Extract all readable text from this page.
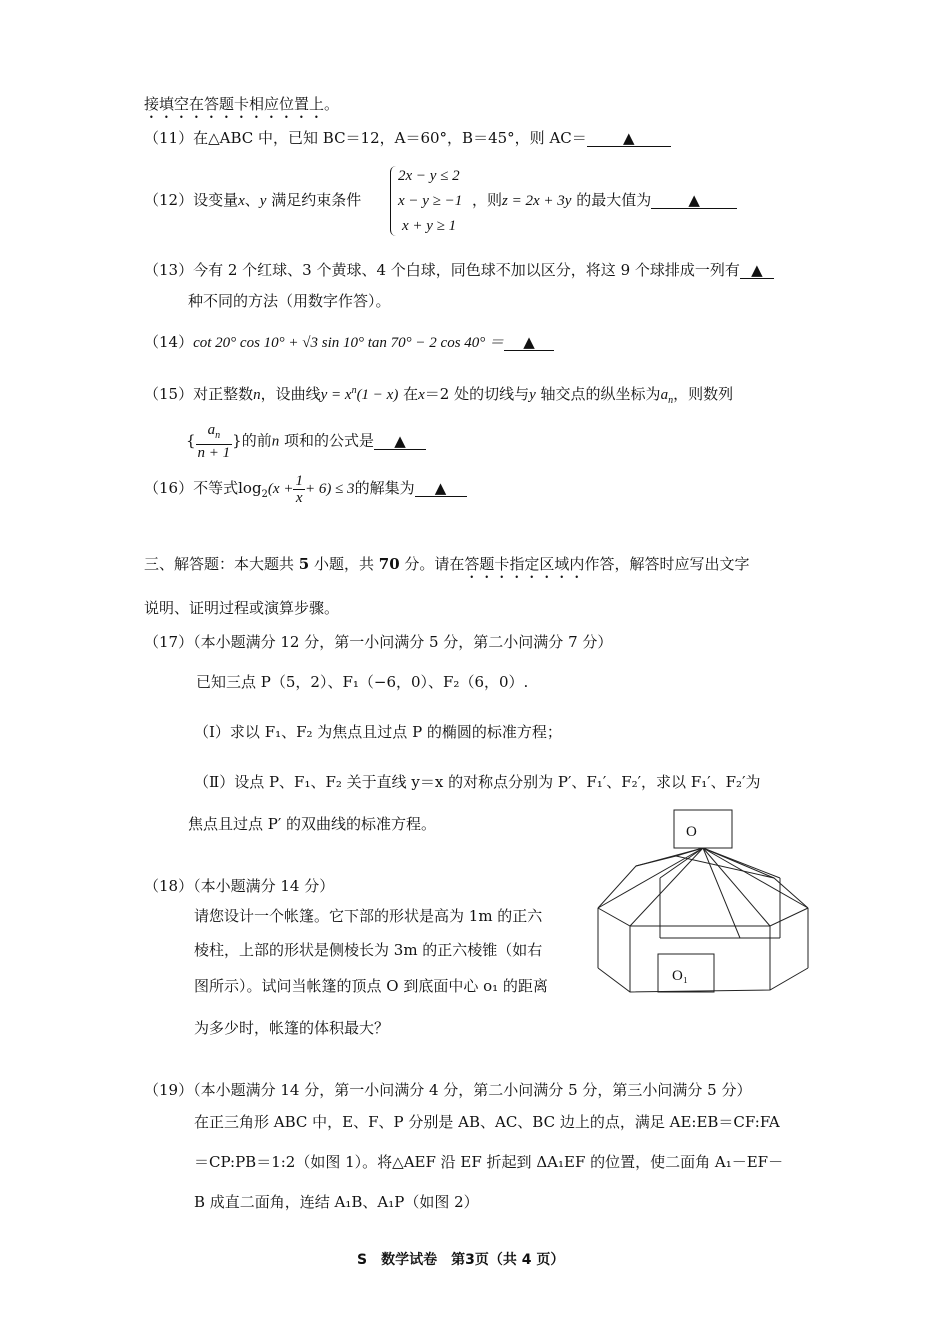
接填空在答题卡相应位置上。
（11）在△ABC 中，已知 BC＝12，A＝60°，B＝45°，则 AC＝ ▲
（12）设变量x、y 满足约束条件
2x − y ≤ 2
x − y ≥ −1
x + y ≥ 1
，则z = 2x + 3y 的最大值为 ▲
（13）今有 2 个红球、3 个黄球、4 个白球，同色球不加以区分，将这 9 个球排成一列有 ▲
种不同的方法（用数字作答）。
（14）cot 20° cos 10° + √3 sin 10° tan 70° − 2 cos 40° ＝ ▲
（15）对正整数n，设曲线$y = x^n(1 - x)$ 在x＝2 处的切线与y 轴交点的纵坐标为$a_n$，则数列
{ $\frac{a_n}{n + 1}$ }的前n 项和的公式是 ▲
（16）不等式$\log_2(x + \frac{1}{x} + 6) \le 3$的解集为 ▲
三、解答题：本大题共 5 小题，共 70 分。请在答题卡指定区域内作答，解答时应写出文字
说明、证明过程或演算步骤。
（17）（本小题满分 12 分，第一小问满分 5 分，第二小问满分 7 分）
已知三点 P（5，2）、F₁（−6，0）、F₂（6，0）.
（Ⅰ）求以 F₁、F₂ 为焦点且过点 P 的椭圆的标准方程；
（Ⅱ）设点 P、F₁、F₂ 关于直线 y＝x 的对称点分别为 P′、F₁′、F₂′，求以 F₁′、F₂′为
焦点且过点 P′ 的双曲线的标准方程。
（18）（本小题满分 14 分）
请您设计一个帐篷。它下部的形状是高为 1m 的正六
棱柱，上部的形状是侧棱长为 3m 的正六棱锥（如右
图所示）。试问当帐篷的顶点 O 到底面中心 o₁ 的距离
为多少时，帐篷的体积最大？
O
O₁
（19）（本小题满分 14 分，第一小问满分 4 分，第二小问满分 5 分，第三小问满分 5 分）
在正三角形 ABC 中，E、F、P 分别是 AB、AC、BC 边上的点，满足 AE:EB＝CF:FA
＝CP:PB＝1:2（如图 1）。将△AEF 沿 EF 折起到 ΔA₁EF 的位置，使二面角 A₁－EF－
B 成直二面角，连结 A₁B、A₁P（如图 2）
S　数学试卷　第3页（共 4 页）
